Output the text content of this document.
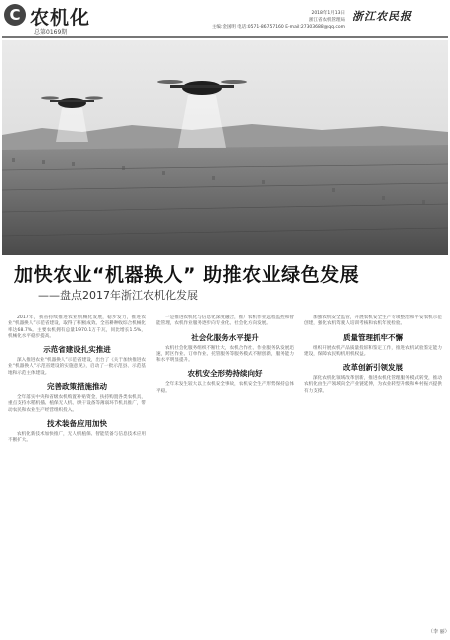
C 农机化
总第0169期
2018年1月13日
浙江省农机管理局
主编:金国明 电话:0571-86757160 E-mail:27303688@qq.com
浙江农民报
加快农业“机器换人” 助推农业绿色发展
——盘点2017年浙江农机化发展
2017年，我省持续推进农业机械化发展，稳步发力，推进农业“机器换人”示范省建设，取得了积极成效。全省耕种收综合机械化率达68.7%。主要农机拥有总量1970.1万千瓦，同比增长1.5%，机械化水平稳步提高。
示范省建设扎实推进
深入推进农业“机器换人”示范省建设，出台了《关于加快推进农业“机器换人”示范省建设的实施意见》，启动了一批示范县、示范基地和示范主体建设。
完善政策措施推动
全年落实中央和省级农机购置补贴资金，扶持购置各类农机具，重点支持水稻机插、植保无人机、烘干设备等薄弱环节机具推广，带动农民和农业生产经营组织投入。
技术装备应用加快
农机化新技术加快推广，无人机植保、智能装备与信息技术应用不断扩大。
一是推进农机化与信息化深度融合，推广农机作业远程监控和智能管理，农机作业服务逐步向专业化、社会化方向发展。
社会化服务水平提升
农机社会化服务组织不断壮大，农机合作社、作业服务队发展迅速，跨区作业、订单作业、托管服务等服务模式不断创新，服务能力和水平明显提升。
农机安全形势持续向好
全年未发生较大以上农机安全事故，农机安全生产形势保持总体平稳。
加强农机安全监管，开展农机安全生产专项整治和平安农机示范创建，强化农机驾驶人培训考核和农机年度检验。
质量管理抓牢不懈
组织开展农机产品质量投诉和鉴定工作，推进农机试验鉴定能力建设，保障农民购机用机权益。
改革创新引领发展
深化农机化领域改革创新，推进农机化管理服务模式转变，推动农机化由生产领域向全产业链延伸，为农业转型升级和乡村振兴提供有力支撑。
（李 丽）
